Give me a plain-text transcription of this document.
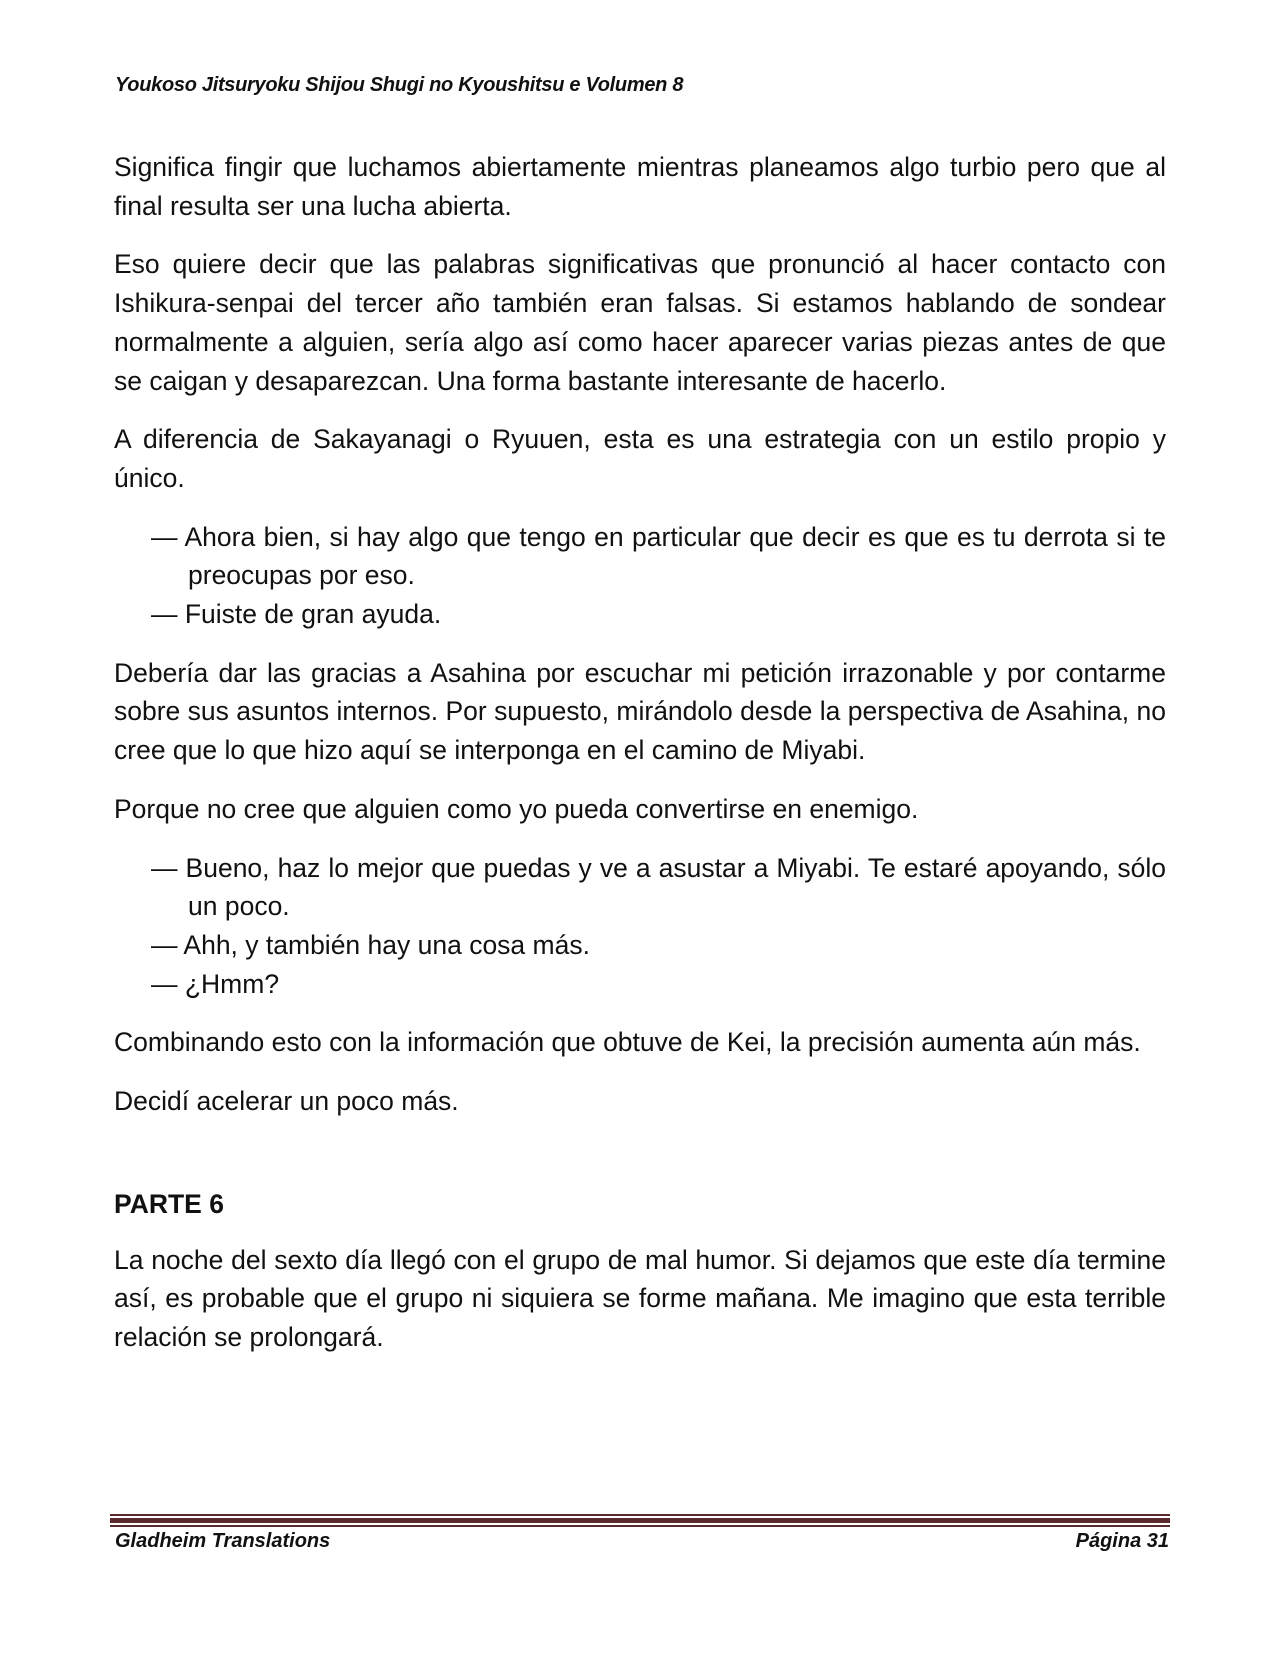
Youkoso Jitsuryoku Shijou Shugi no Kyoushitsu e Volumen 8

Significa fingir que luchamos abiertamente mientras planeamos algo turbio pero que al final resulta ser una lucha abierta.

Eso quiere decir que las palabras significativas que pronunció al hacer contacto con Ishikura-senpai del tercer año también eran falsas. Si estamos hablando de sondear normalmente a alguien, sería algo así como hacer aparecer varias piezas antes de que se caigan y desaparezcan. Una forma bastante interesante de hacerlo.

A diferencia de Sakayanagi o Ryuuen, esta es una estrategia con un estilo propio y único.

— Ahora bien, si hay algo que tengo en particular que decir es que es tu derrota si te preocupas por eso.

— Fuiste de gran ayuda.

Debería dar las gracias a Asahina por escuchar mi petición irrazonable y por contarme sobre sus asuntos internos. Por supuesto, mirándolo desde la perspectiva de Asahina, no cree que lo que hizo aquí se interponga en el camino de Miyabi.

Porque no cree que alguien como yo pueda convertirse en enemigo.

— Bueno, haz lo mejor que puedas y ve a asustar a Miyabi. Te estaré apoyando, sólo un poco.

— Ahh, y también hay una cosa más.

— ¿Hmm?

Combinando esto con la información que obtuve de Kei, la precisión aumenta aún más.

Decidí acelerar un poco más.

PARTE 6

La noche del sexto día llegó con el grupo de mal humor. Si dejamos que este día termine así, es probable que el grupo ni siquiera se forme mañana. Me imagino que esta terrible relación se prolongará.

Gladheim Translations	Página 31
